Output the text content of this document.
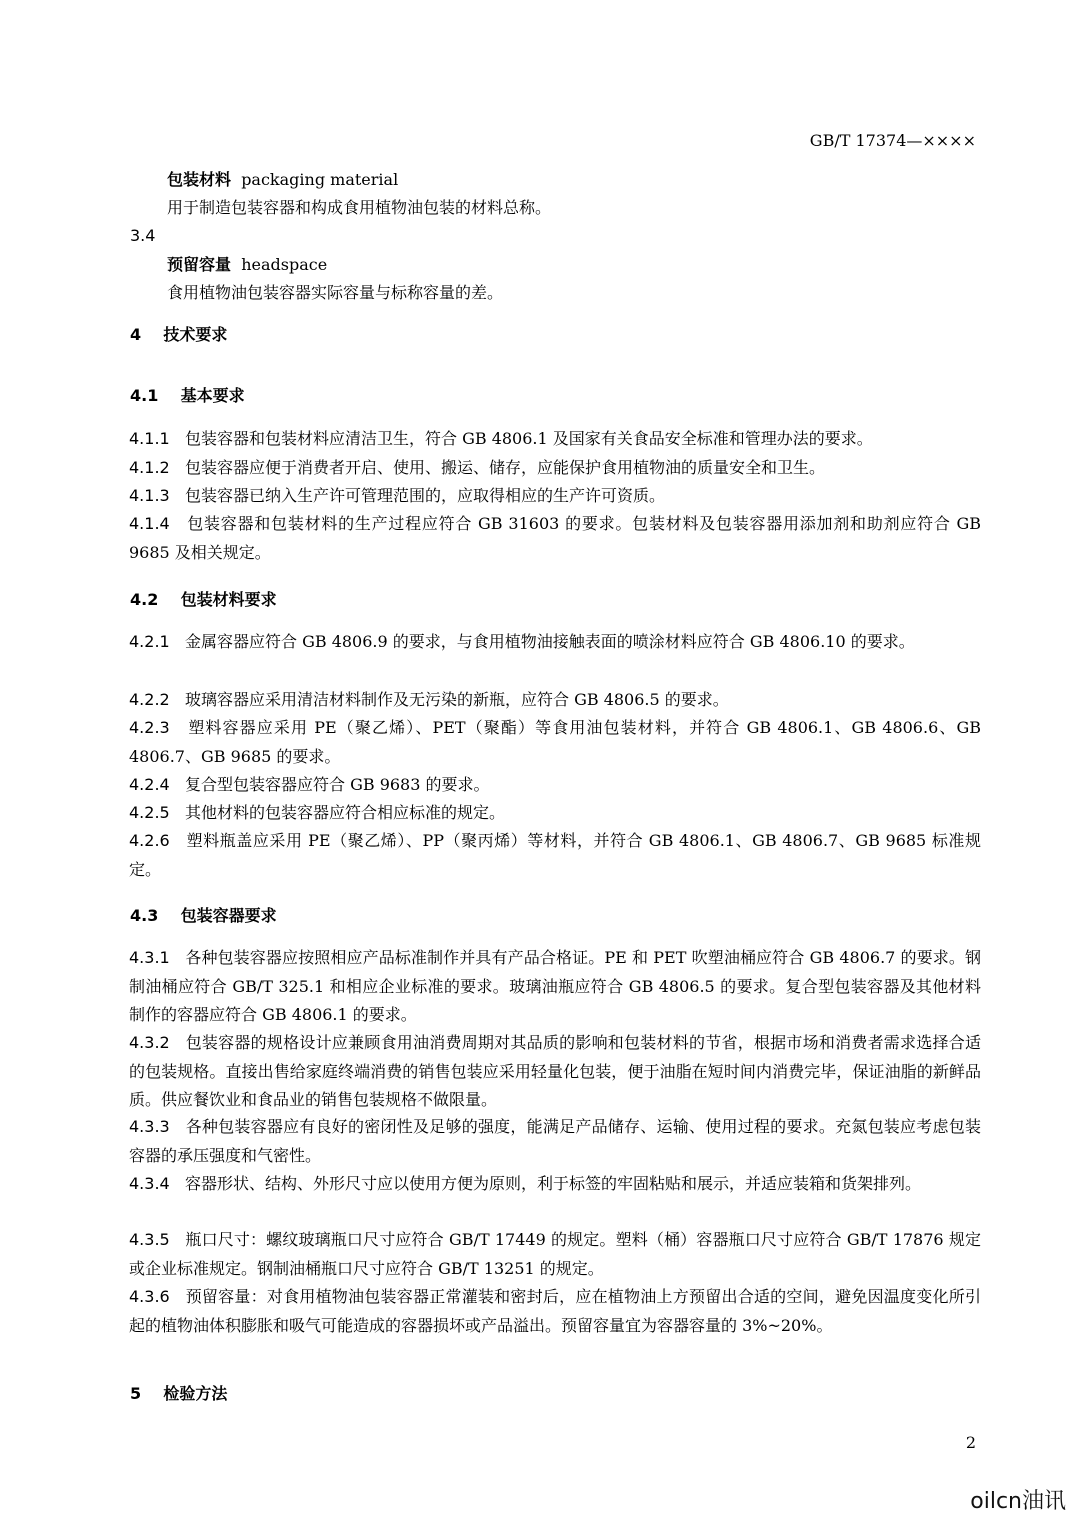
GB/T 17374—××××
包装材料 packaging material
用于制造包装容器和构成食用植物油包装的材料总称。
3.4
预留容量 headspace
食用植物油包装容器实际容量与标称容量的差。
4 技术要求
4.1 基本要求
4.1.1 包装容器和包装材料应清洁卫生，符合 GB 4806.1 及国家有关食品安全标准和管理办法的要求。
4.1.2 包装容器应便于消费者开启、使用、搬运、储存，应能保护食用植物油的质量安全和卫生。
4.1.3 包装容器已纳入生产许可管理范围的，应取得相应的生产许可资质。
4.1.4 包装容器和包装材料的生产过程应符合 GB 31603 的要求。包装材料及包装容器用添加剂和助剂应符合 GB 9685 及相关规定。
4.2 包装材料要求
4.2.1 金属容器应符合 GB 4806.9 的要求，与食用植物油接触表面的喷涂材料应符合 GB 4806.10 的要求。
4.2.2 玻璃容器应采用清洁材料制作及无污染的新瓶，应符合 GB 4806.5 的要求。
4.2.3 塑料容器应采用 PE（聚乙烯）、PET（聚酯）等食用油包装材料，并符合 GB 4806.1、GB 4806.6、GB 4806.7、GB 9685 的要求。
4.2.4 复合型包装容器应符合 GB 9683 的要求。
4.2.5 其他材料的包装容器应符合相应标准的规定。
4.2.6 塑料瓶盖应采用 PE（聚乙烯）、PP（聚丙烯）等材料，并符合 GB 4806.1、GB 4806.7、GB 9685 标准规定。
4.3 包装容器要求
4.3.1 各种包装容器应按照相应产品标准制作并具有产品合格证。PE 和 PET 吹塑油桶应符合 GB 4806.7 的要求。钢制油桶应符合 GB/T 325.1 和相应企业标准的要求。玻璃油瓶应符合 GB 4806.5 的要求。复合型包装容器及其他材料制作的容器应符合 GB 4806.1 的要求。
4.3.2 包装容器的规格设计应兼顾食用油消费周期对其品质的影响和包装材料的节省，根据市场和消费者需求选择合适的包装规格。直接出售给家庭终端消费的销售包装应采用轻量化包装，便于油脂在短时间内消费完毕，保证油脂的新鲜品质。供应餐饮业和食品业的销售包装规格不做限量。
4.3.3 各种包装容器应有良好的密闭性及足够的强度，能满足产品储存、运输、使用过程的要求。充氮包装应考虑包装容器的承压强度和气密性。
4.3.4 容器形状、结构、外形尺寸应以使用方便为原则，利于标签的牢固粘贴和展示，并适应装箱和货架排列。
4.3.5 瓶口尺寸：螺纹玻璃瓶口尺寸应符合 GB/T 17449 的规定。塑料（桶）容器瓶口尺寸应符合 GB/T 17876 规定或企业标准规定。钢制油桶瓶口尺寸应符合 GB/T 13251 的规定。
4.3.6 预留容量：对食用植物油包装容器正常灌装和密封后，应在植物油上方预留出合适的空间，避免因温度变化所引起的植物油体积膨胀和吸气可能造成的容器损坏或产品溢出。预留容量宜为容器容量的 3%~20%。
5 检验方法
2
oilcn油讯
